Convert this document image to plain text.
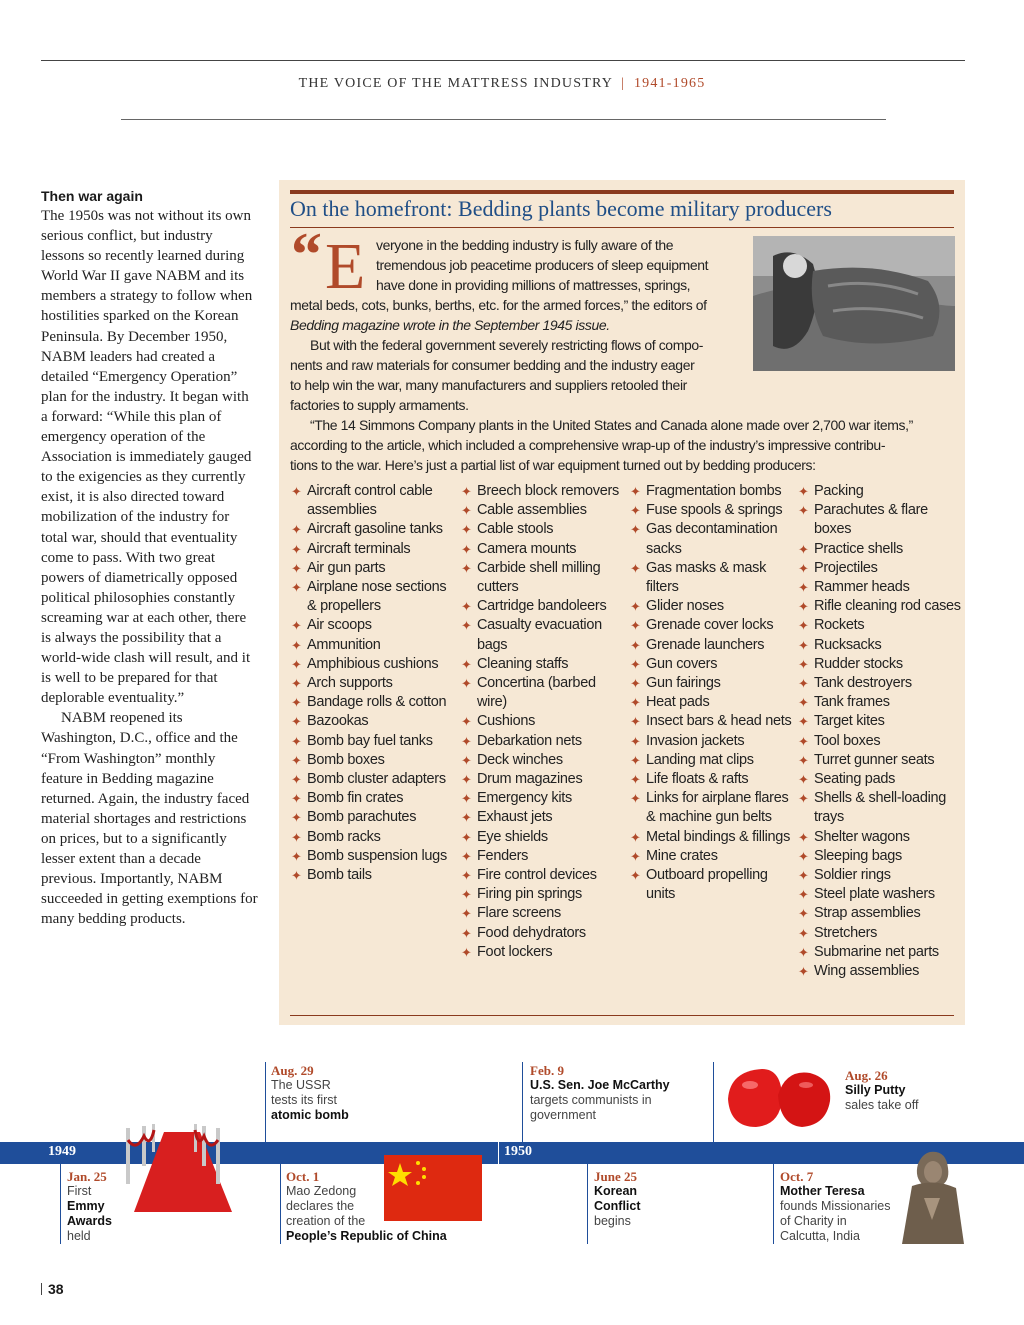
THE VOICE OF THE MATTRESS INDUSTRY | 1941-1965
Then war again

The 1950s was not without its own serious conflict, but industry lessons so recently learned during World War II gave NABM and its members a strategy to follow when hostilities sparked on the Korean Peninsula. By December 1950, NABM leaders had created a detailed “Emergency Operation” plan for the industry. It began with a forward: “While this plan of emergency operation of the Association is immediately gauged to the exigencies as they currently exist, it is also directed toward mobilization of the industry for total war, should that eventuality come to pass. With two great powers of diametrically opposed political philosophies constantly screaming war at each other, there is always the possibility that a world-wide clash will result, and it is well to be prepared for that deplorable eventuality.”

NABM reopened its Washington, D.C., office and the “From Washington” monthly feature in Bedding magazine returned. Again, the industry faced material shortages and restrictions on prices, but to a significantly lesser extent than a decade previous. Importantly, NABM succeeded in getting exemptions for many bedding products.

On the homefront: Bedding plants become military producers
“ E veryone in the bedding industry is fully aware of the
tremendous job peacetime producers of sleep equipment
have done in providing millions of mattresses, springs,
metal beds, cots, bunks, berths, etc. for the armed forces,” the editors of
Bedding magazine wrote in the September 1945 issue.
But with the federal government severely restricting flows of compo-
nents and raw materials for consumer bedding and the industry eager
to help win the war, many manufacturers and suppliers retooled their
factories to supply armaments.
“The 14 Simmons Company plants in the United States and Canada alone made over 2,700 war items,”
according to the article, which included a comprehensive wrap-up of the industry’s impressive contribu-
tions to the war. Here’s just a partial list of war equipment turned out by bedding producers:
✦ Aircraft control cable assemblies
✦ Aircraft gasoline tanks
✦ Aircraft terminals
✦ Air gun parts
✦ Airplane nose sections & propellers
✦ Air scoops
✦ Ammunition
✦ Amphibious cushions
✦ Arch supports
✦ Bandage rolls & cotton
✦ Bazookas
✦ Bomb bay fuel tanks
✦ Bomb boxes
✦ Bomb cluster adapters
✦ Bomb fin crates
✦ Bomb parachutes
✦ Bomb racks
✦ Bomb suspension lugs
✦ Bomb tails
✦ Breech block removers
✦ Cable assemblies
✦ Cable stools
✦ Camera mounts
✦ Carbide shell milling cutters
✦ Cartridge bandoleers
✦ Casualty evacuation bags
✦ Cleaning staffs
✦ Concertina (barbed wire)
✦ Cushions
✦ Debarkation nets
✦ Deck winches
✦ Drum magazines
✦ Emergency kits
✦ Exhaust jets
✦ Eye shields
✦ Fenders
✦ Fire control devices
✦ Firing pin springs
✦ Flare screens
✦ Food dehydrators
✦ Foot lockers
✦ Fragmentation bombs
✦ Fuse spools & springs
✦ Gas decontamination sacks
✦ Gas masks & mask filters
✦ Glider noses
✦ Grenade cover locks
✦ Grenade launchers
✦ Gun covers
✦ Gun fairings
✦ Heat pads
✦ Insect bars & head nets
✦ Invasion jackets
✦ Landing mat clips
✦ Life floats & rafts
✦ Links for airplane flares & machine gun belts
✦ Metal bindings & fillings
✦ Mine crates
✦ Outboard propelling units
✦ Packing
✦ Parachutes & flare boxes
✦ Practice shells
✦ Projectiles
✦ Rammer heads
✦ Rifle cleaning rod cases
✦ Rockets
✦ Rucksacks
✦ Rudder stocks
✦ Tank destroyers
✦ Tank frames
✦ Target kites
✦ Tool boxes
✦ Turret gunner seats
✦ Seating pads
✦ Shells & shell-loading trays
✦ Shelter wagons
✦ Sleeping bags
✦ Soldier rings
✦ Steel plate washers
✦ Strap assemblies
✦ Stretchers
✦ Submarine net parts
✦ Wing assemblies
1949	1950
Aug. 29
The USSR
tests its first
atomic bomb
Feb. 9
U.S. Sen. Joe McCarthy
targets communists in
government
Aug. 26
Silly Putty
sales take off
Jan. 25
First
Emmy
Awards
held
Oct. 1
Mao Zedong
declares the
creation of the
People’s Republic of China
June 25
Korean
Conflict
begins
Oct. 7
Mother Teresa
founds Missionaries
of Charity in
Calcutta, India
38
